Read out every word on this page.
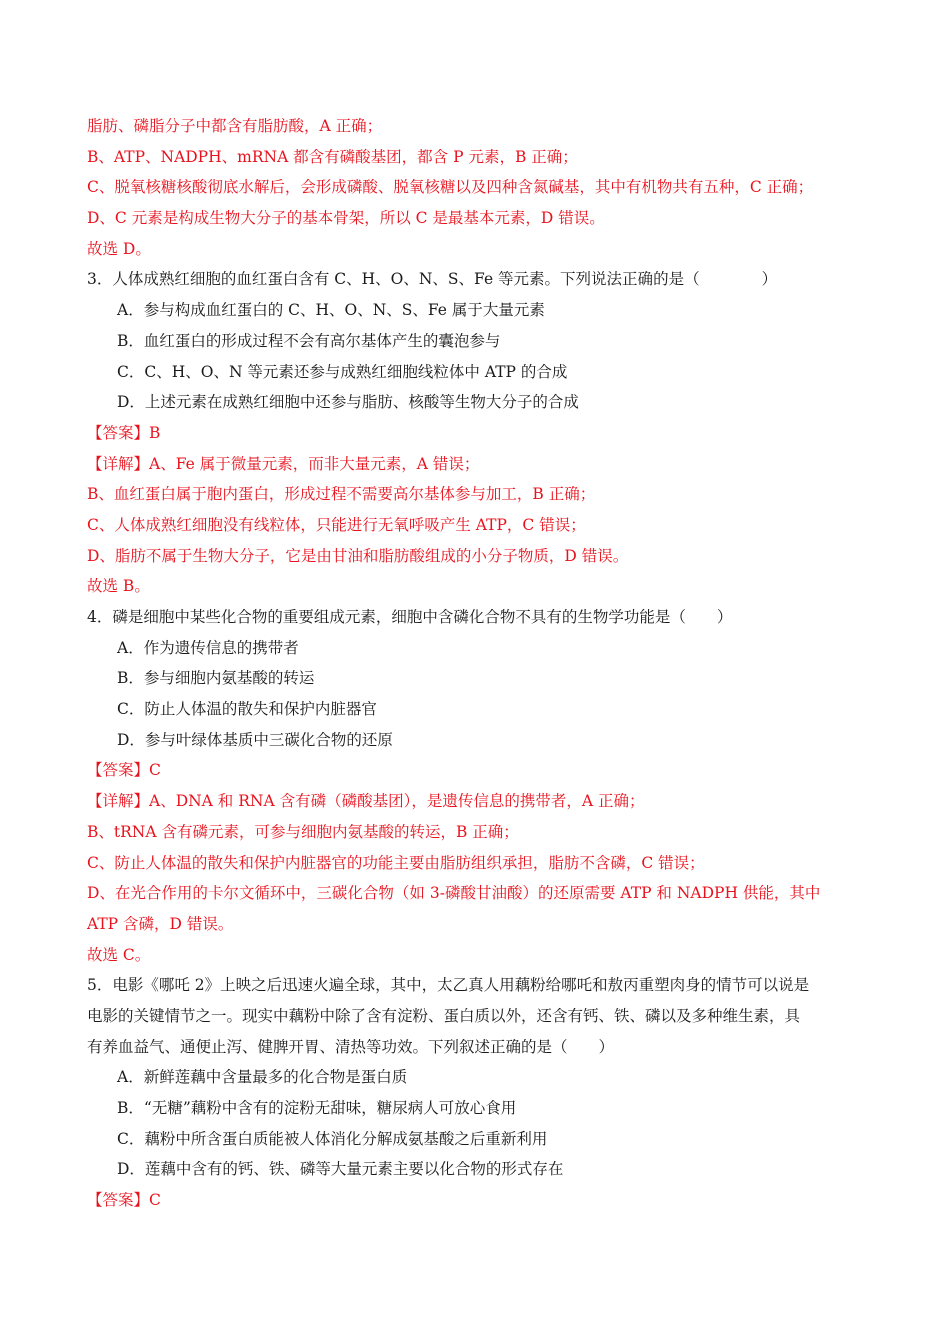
脂肪、磷脂分子中都含有脂肪酸，A 正确；
B、ATP、NADPH、mRNA 都含有磷酸基团，都含 P 元素，B 正确；
C、脱氧核糖核酸彻底水解后，会形成磷酸、脱氧核糖以及四种含氮碱基，其中有机物共有五种，C 正确；
D、C 元素是构成生物大分子的基本骨架，所以 C 是最基本元素，D 错误。
故选 D。
3．人体成熟红细胞的血红蛋白含有 C、H、O、N、S、Fe 等元素。下列说法正确的是（　　　　）
A．参与构成血红蛋白的 C、H、O、N、S、Fe 属于大量元素
B．血红蛋白的形成过程不会有高尔基体产生的囊泡参与
C．C、H、O、N 等元素还参与成熟红细胞线粒体中 ATP 的合成
D．上述元素在成熟红细胞中还参与脂肪、核酸等生物大分子的合成
【答案】B
【详解】A、Fe 属于微量元素，而非大量元素，A 错误；
B、血红蛋白属于胞内蛋白，形成过程不需要高尔基体参与加工，B 正确；
C、人体成熟红细胞没有线粒体，只能进行无氧呼吸产生 ATP，C 错误；
D、脂肪不属于生物大分子，它是由甘油和脂肪酸组成的小分子物质，D 错误。
故选 B。
4．磷是细胞中某些化合物的重要组成元素，细胞中含磷化合物不具有的生物学功能是（　　）
A．作为遗传信息的携带者
B．参与细胞内氨基酸的转运
C．防止人体温的散失和保护内脏器官
D．参与叶绿体基质中三碳化合物的还原
【答案】C
【详解】A、DNA 和 RNA 含有磷（磷酸基团），是遗传信息的携带者，A 正确；
B、tRNA 含有磷元素，可参与细胞内氨基酸的转运，B 正确；
C、防止人体温的散失和保护内脏器官的功能主要由脂肪组织承担，脂肪不含磷，C 错误；
D、在光合作用的卡尔文循环中，三碳化合物（如 3-磷酸甘油酸）的还原需要 ATP 和 NADPH 供能，其中
ATP 含磷，D 错误。
故选 C。
5．电影《哪吒 2》上映之后迅速火遍全球，其中，太乙真人用藕粉给哪吒和敖丙重塑肉身的情节可以说是
电影的关键情节之一。现实中藕粉中除了含有淀粉、蛋白质以外，还含有钙、铁、磷以及多种维生素，具
有养血益气、通便止泻、健脾开胃、清热等功效。下列叙述正确的是（　　）
A．新鲜莲藕中含量最多的化合物是蛋白质
B．“无糖”藕粉中含有的淀粉无甜味，糖尿病人可放心食用
C．藕粉中所含蛋白质能被人体消化分解成氨基酸之后重新利用
D．莲藕中含有的钙、铁、磷等大量元素主要以化合物的形式存在
【答案】C
